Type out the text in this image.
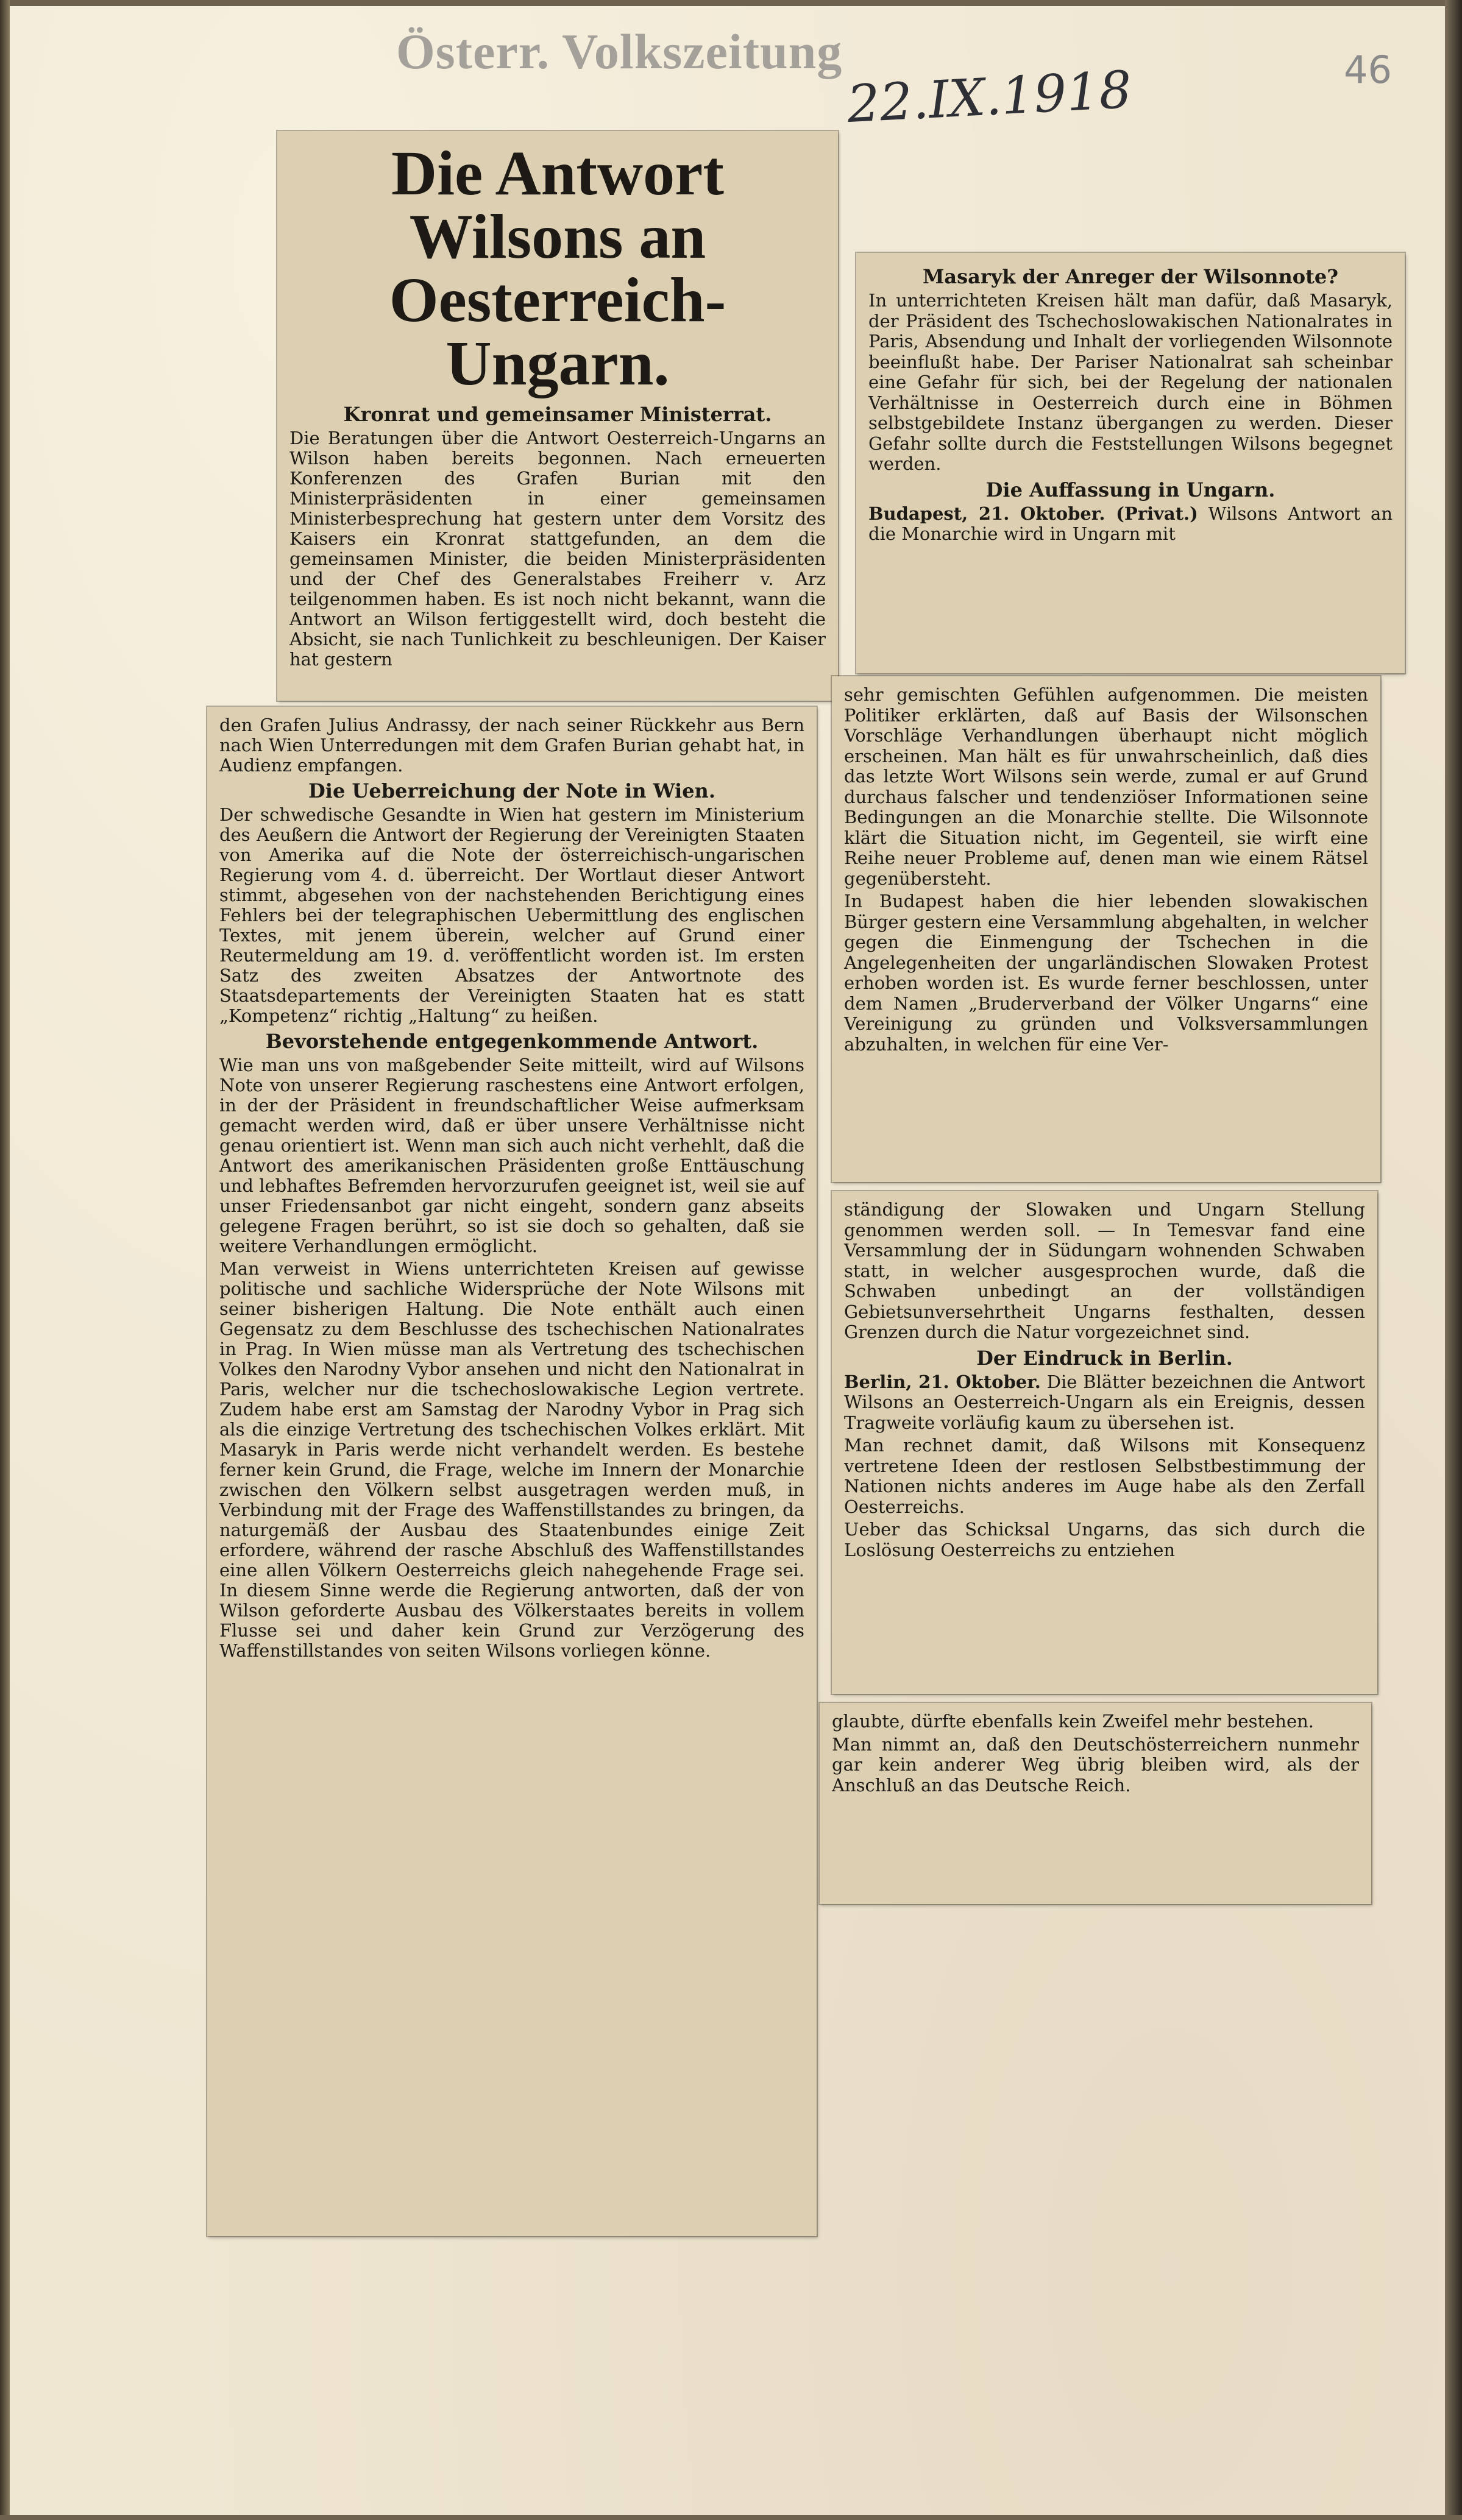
Österr. Volkszeitung
22.IX.1918	46
Die Antwort Wilsons an Oesterreich-Ungarn.
Kronrat und gemeinsamer Ministerrat.

Die Beratungen über die Antwort Oesterreich-Ungarns an Wilson haben bereits begonnen. Nach erneuerten Konferenzen des Grafen Burian mit den Ministerpräsidenten in einer gemeinsamen Ministerbesprechung hat gestern unter dem Vorsitz des Kaisers ein Kronrat stattgefunden, an dem die gemeinsamen Minister, die beiden Ministerpräsidenten und der Chef des Generalstabes Freiherr v. Arz teilgenommen haben. Es ist noch nicht bekannt, wann die Antwort an Wilson fertiggestellt wird, doch besteht die Absicht, sie nach Tunlichkeit zu beschleunigen. Der Kaiser hat gestern

den Grafen Julius Andrassy, der nach seiner Rückkehr aus Bern nach Wien Unterredungen mit dem Grafen Burian gehabt hat, in Audienz empfangen.

Die Ueberreichung der Note in Wien.

Der schwedische Gesandte in Wien hat gestern im Ministerium des Aeußern die Antwort der Regierung der Vereinigten Staaten von Amerika auf die Note der österreichisch-ungarischen Regierung vom 4. d. überreicht. Der Wortlaut dieser Antwort stimmt, abgesehen von der nachstehenden Berichtigung eines Fehlers bei der telegraphischen Uebermittlung des englischen Textes, mit jenem überein, welcher auf Grund einer Reutermeldung am 19. d. veröffentlicht worden ist. Im ersten Satz des zweiten Absatzes der Antwortnote des Staatsdepartements der Vereinigten Staaten hat es statt „Kompetenz“ richtig „Haltung“ zu heißen.

Bevorstehende entgegenkommende Antwort.

Wie man uns von maßgebender Seite mitteilt, wird auf Wilsons Note von unserer Regierung raschestens eine Antwort erfolgen, in der der Präsident in freundschaftlicher Weise aufmerksam gemacht werden wird, daß er über unsere Verhältnisse nicht genau orientiert ist. Wenn man sich auch nicht verhehlt, daß die Antwort des amerikanischen Präsidenten große Enttäuschung und lebhaftes Befremden hervorzurufen geeignet ist, weil sie auf unser Friedensanbot gar nicht eingeht, sondern ganz abseits gelegene Fragen berührt, so ist sie doch so gehalten, daß sie weitere Verhandlungen ermöglicht.

Man verweist in Wiens unterrichteten Kreisen auf gewisse politische und sachliche Widersprüche der Note Wilsons mit seiner bisherigen Haltung. Die Note enthält auch einen Gegensatz zu dem Beschlusse des tschechischen Nationalrates in Prag. In Wien müsse man als Vertretung des tschechischen Volkes den Narodny Vybor ansehen und nicht den Nationalrat in Paris, welcher nur die tschechoslowakische Legion vertrete. Zudem habe erst am Samstag der Narodny Vybor in Prag sich als die einzige Vertretung des tschechischen Volkes erklärt. Mit Masaryk in Paris werde nicht verhandelt werden. Es bestehe ferner kein Grund, die Frage, welche im Innern der Monarchie zwischen den Völkern selbst ausgetragen werden muß, in Verbindung mit der Frage des Waffenstillstandes zu bringen, da naturgemäß der Ausbau des Staatenbundes einige Zeit erfordere, während der rasche Abschluß des Waffenstillstandes eine allen Völkern Oesterreichs gleich nahegehende Frage sei. In diesem Sinne werde die Regierung antworten, daß der von Wilson geforderte Ausbau des Völkerstaates bereits in vollem Flusse sei und daher kein Grund zur Verzögerung des Waffenstillstandes von seiten Wilsons vorliegen könne.

Masaryk der Anreger der Wilsonnote?

In unterrichteten Kreisen hält man dafür, daß Masaryk, der Präsident des Tschechoslowakischen Nationalrates in Paris, Absendung und Inhalt der vorliegenden Wilsonnote beeinflußt habe. Der Pariser Nationalrat sah scheinbar eine Gefahr für sich, bei der Regelung der nationalen Verhältnisse in Oesterreich durch eine in Böhmen selbstgebildete Instanz übergangen zu werden. Dieser Gefahr sollte durch die Feststellungen Wilsons begegnet werden.

Die Auffassung in Ungarn.

Budapest, 21. Oktober. (Privat.) Wilsons Antwort an die Monarchie wird in Ungarn mit

sehr gemischten Gefühlen aufgenommen. Die meisten Politiker erklärten, daß auf Basis der Wilsonschen Vorschläge Verhandlungen überhaupt nicht möglich erscheinen. Man hält es für unwahrscheinlich, daß dies das letzte Wort Wilsons sein werde, zumal er auf Grund durchaus falscher und tendenziöser Informationen seine Bedingungen an die Monarchie stellte. Die Wilsonnote klärt die Situation nicht, im Gegenteil, sie wirft eine Reihe neuer Probleme auf, denen man wie einem Rätsel gegenübersteht.

In Budapest haben die hier lebenden slowakischen Bürger gestern eine Versammlung abgehalten, in welcher gegen die Einmengung der Tschechen in die Angelegenheiten der ungarländischen Slowaken Protest erhoben worden ist. Es wurde ferner beschlossen, unter dem Namen „Bruderverband der Völker Ungarns“ eine Vereinigung zu gründen und Volksversammlungen abzuhalten, in welchen für eine Ver-

ständigung der Slowaken und Ungarn Stellung genommen werden soll. — In Temesvar fand eine Versammlung der in Südungarn wohnenden Schwaben statt, in welcher ausgesprochen wurde, daß die Schwaben unbedingt an der vollständigen Gebietsunversehrtheit Ungarns festhalten, dessen Grenzen durch die Natur vorgezeichnet sind.

Der Eindruck in Berlin.

Berlin, 21. Oktober. Die Blätter bezeichnen die Antwort Wilsons an Oesterreich-Ungarn als ein Ereignis, dessen Tragweite vorläufig kaum zu übersehen ist.

Man rechnet damit, daß Wilsons mit Konsequenz vertretene Ideen der restlosen Selbstbestimmung der Nationen nichts anderes im Auge habe als den Zerfall Oesterreichs.

Ueber das Schicksal Ungarns, das sich durch die Loslösung Oesterreichs zu entziehen

glaubte, dürfte ebenfalls kein Zweifel mehr bestehen.

Man nimmt an, daß den Deutschösterreichern nunmehr gar kein anderer Weg übrig bleiben wird, als der Anschluß an das Deutsche Reich.
